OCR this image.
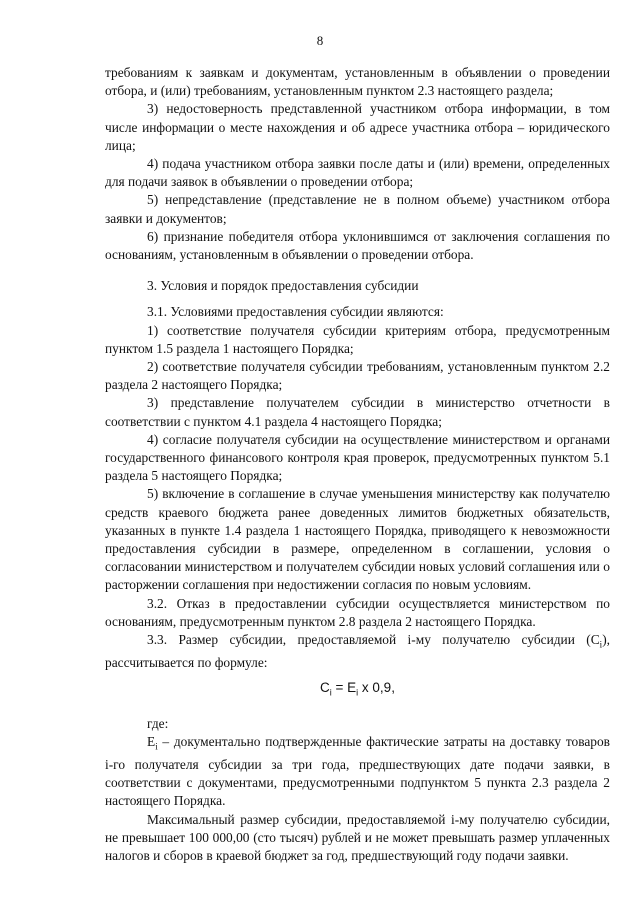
8

требованиям к заявкам и документам, установленным в объявлении о проведении отбора, и (или) требованиям, установленным пунктом 2.3 настоящего раздела;

3) недостоверность представленной участником отбора информации, в том числе информации о месте нахождения и об адресе участника отбора – юридического лица;

4) подача участником отбора заявки после даты и (или) времени, определенных для подачи заявок в объявлении о проведении отбора;

5) непредставление (представление не в полном объеме) участником отбора заявки и документов;

6) признание победителя отбора уклонившимся от заключения соглашения по основаниям, установленным в объявлении о проведении отбора.

3. Условия и порядок предоставления субсидии

3.1. Условиями предоставления субсидии являются:

1) соответствие получателя субсидии критериям отбора, предусмотренным пунктом 1.5 раздела 1 настоящего Порядка;

2) соответствие получателя субсидии требованиям, установленным пунктом 2.2 раздела 2 настоящего Порядка;

3) представление получателем субсидии в министерство отчетности в соответствии с пунктом 4.1 раздела 4 настоящего Порядка;

4) согласие получателя субсидии на осуществление министерством и органами государственного финансового контроля края проверок, предусмотренных пунктом 5.1 раздела 5 настоящего Порядка;

5) включение в соглашение в случае уменьшения министерству как получателю средств краевого бюджета ранее доведенных лимитов бюджетных обязательств, указанных в пункте 1.4 раздела 1 настоящего Порядка, приводящего к невозможности предоставления субсидии в размере, определенном в соглашении, условия о согласовании министерством и получателем субсидии новых условий соглашения или о расторжении соглашения при недостижении согласия по новым условиям.

3.2. Отказ в предоставлении субсидии осуществляется министерством по основаниям, предусмотренным пунктом 2.8 раздела 2 настоящего Порядка.

3.3. Размер субсидии, предоставляемой i-му получателю субсидии $(C_i)$, рассчитывается по формуле:

$C_i = E_i$ x 0,9,

где:

$E_i$ – документально подтвержденные фактические затраты на доставку товаров i-го получателя субсидии за три года, предшествующих дате подачи заявки, в соответствии с документами, предусмотренными подпунктом 5 пункта 2.3 раздела 2 настоящего Порядка.

Максимальный размер субсидии, предоставляемой i-му получателю субсидии, не превышает 100 000,00 (сто тысяч) рублей и не может превышать размер уплаченных налогов и сборов в краевой бюджет за год, предшествующий году подачи заявки.
